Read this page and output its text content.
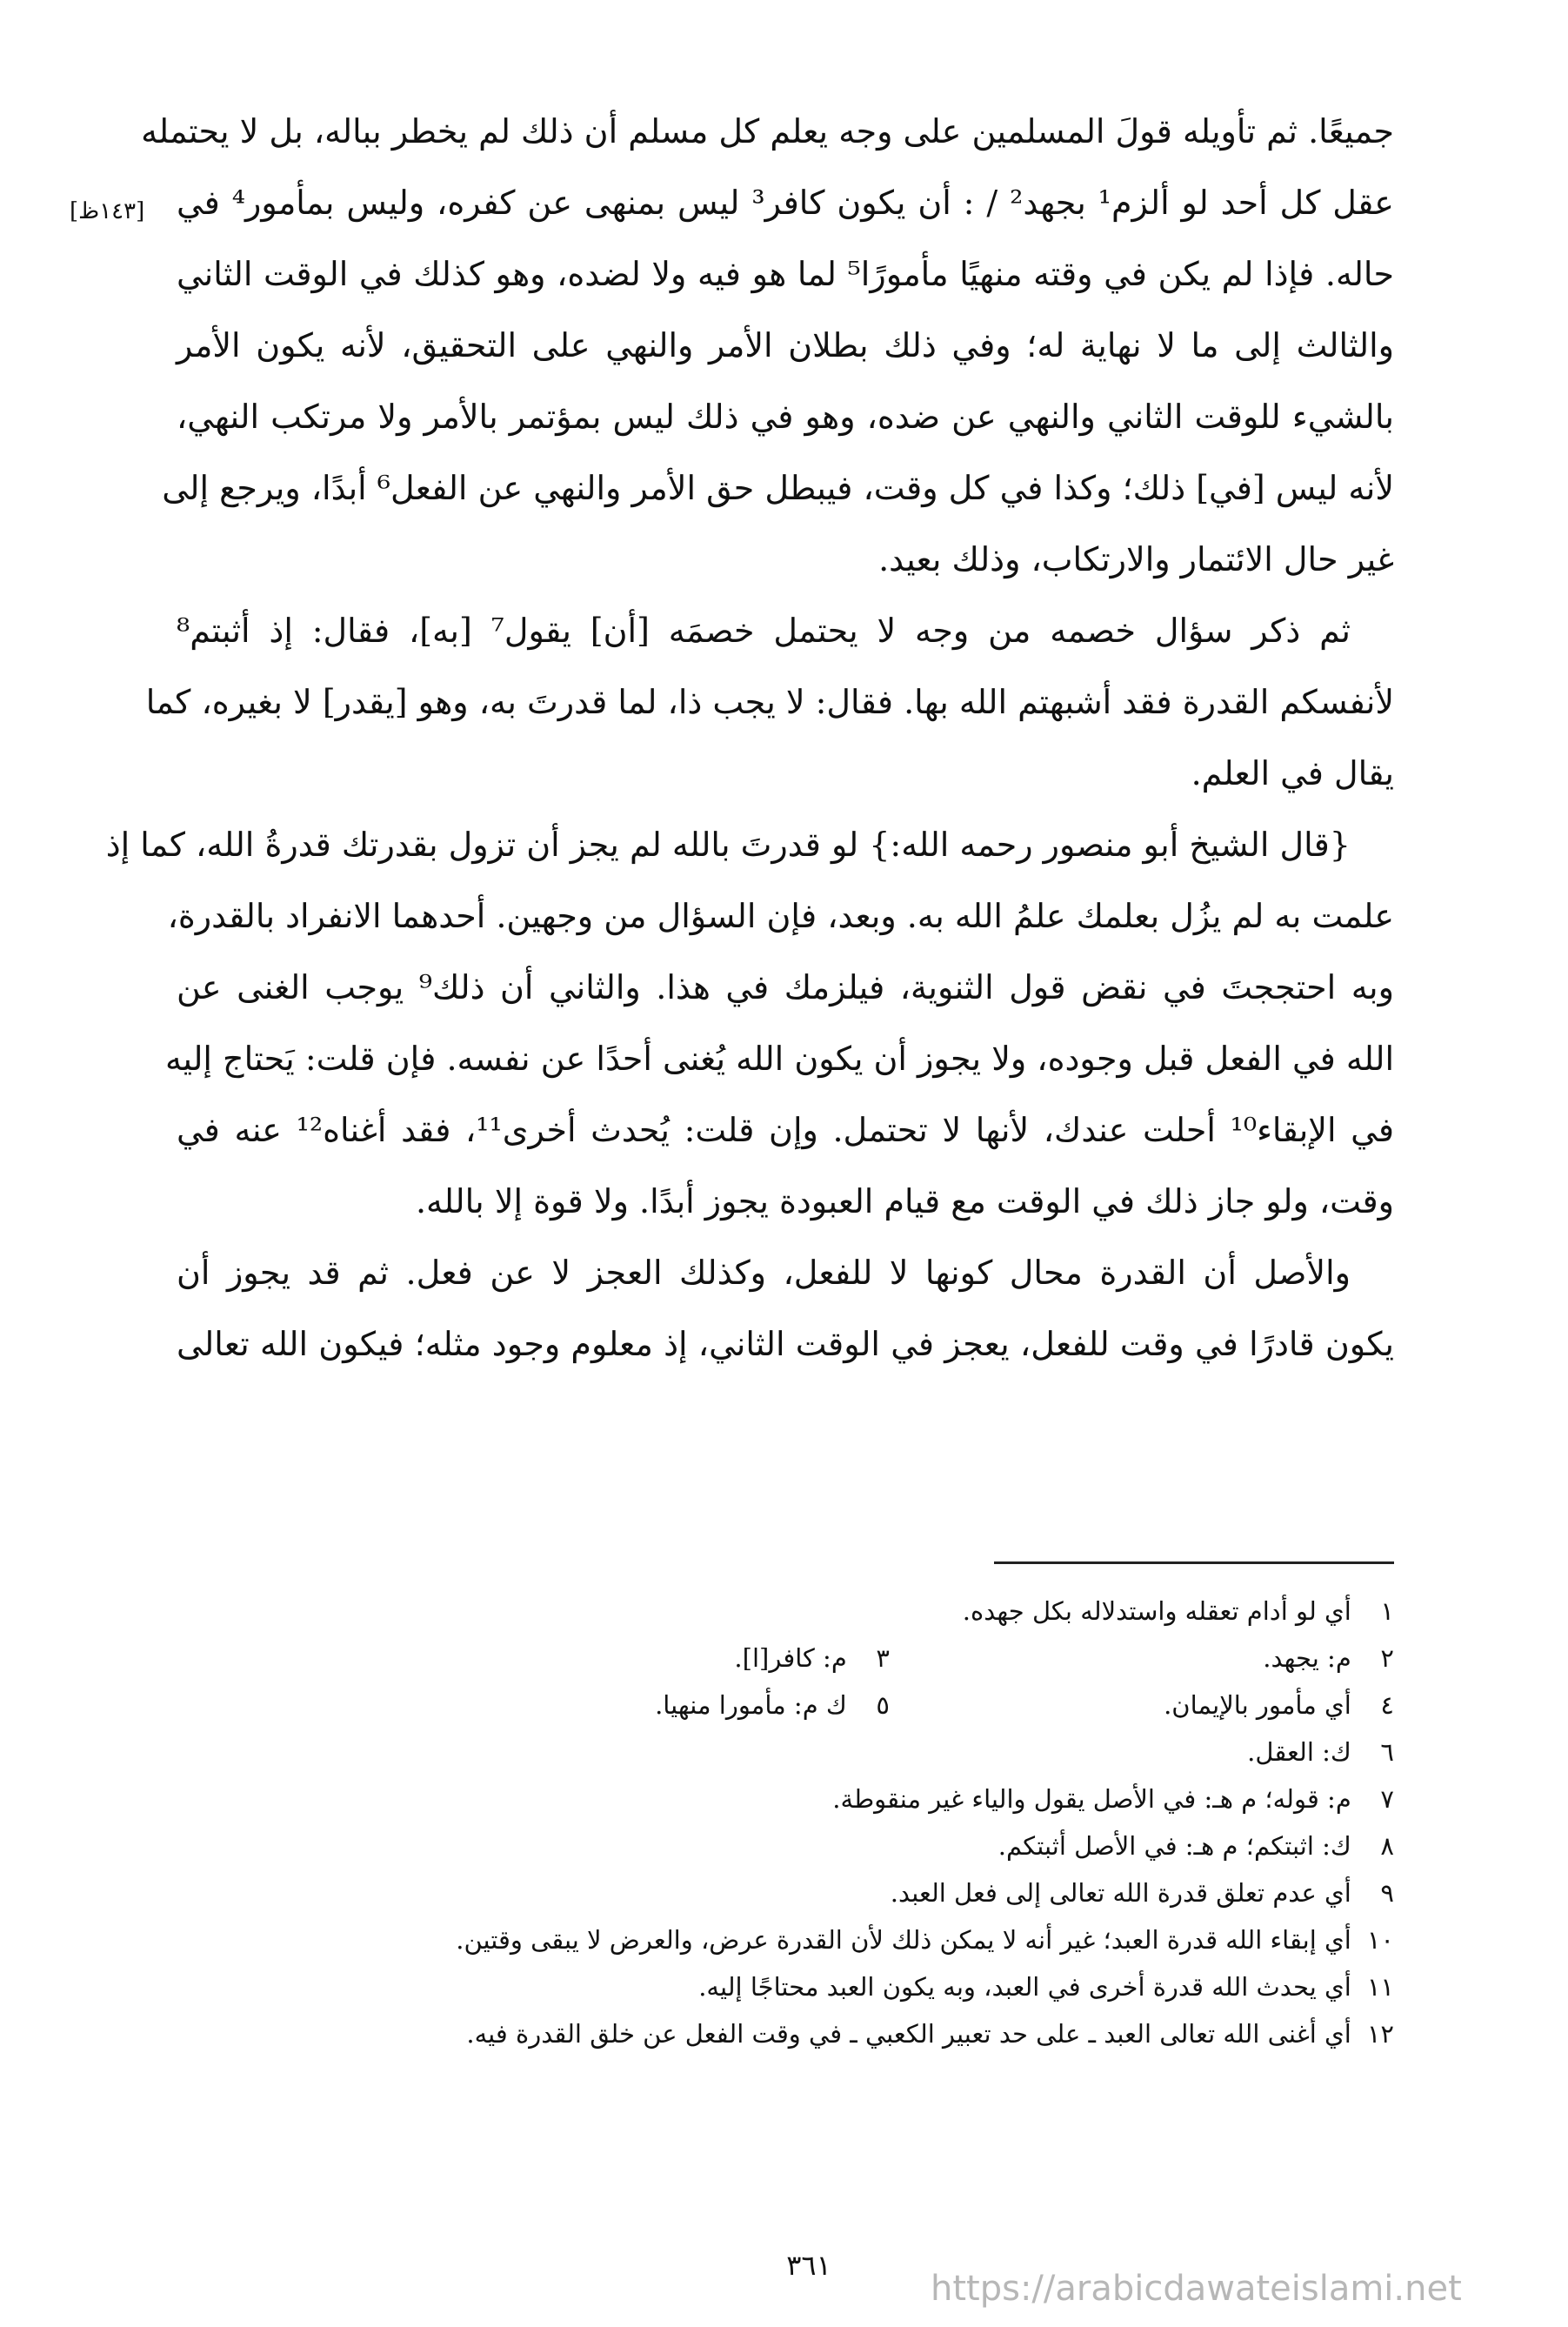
جميعًا. ثم تأويله قولَ المسلمين على وجه يعلم كل مسلم أن ذلك لم يخطر بباله، بل لا يحتمله
عقل كل أحد لو ألزم¹ بجهد² / : أن يكون كافر³ ليس بمنهى عن كفره، وليس بمأمور⁴ في
حاله. فإذا لم يكن في وقته منهيًا مأمورًا⁵ لما هو فيه ولا لضده، وهو كذلك في الوقت الثاني
والثالث إلى ما لا نهاية له؛ وفي ذلك بطلان الأمر والنهي على التحقيق، لأنه يكون الأمر
بالشيء للوقت الثاني والنهي عن ضده، وهو في ذلك ليس بمؤتمر بالأمر ولا مرتكب النهي،
لأنه ليس [في] ذلك؛ وكذا في كل وقت، فيبطل حق الأمر والنهي عن الفعل⁶ أبدًا، ويرجع إلى
غير حال الائتمار والارتكاب، وذلك بعيد.
ثم ذكر سؤال خصمه من وجه لا يحتمل خصمَه [أن] يقول⁷ [به]، فقال: إذ أثبتم⁸
لأنفسكم القدرة فقد أشبهتم الله بها. فقال: لا يجب ذا، لما قدرتَ به، وهو [يقدر] لا بغيره، كما
يقال في العلم.
{قال الشيخ أبو منصور رحمه الله:} لو قدرتَ بالله لم يجز أن تزول بقدرتك قدرةُ الله، كما إذ
علمت به لم يزُل بعلمك علمُ الله به. وبعد، فإن السؤال من وجهين. أحدهما الانفراد بالقدرة،
وبه احتججتَ في نقض قول الثنوية، فيلزمك في هذا. والثاني أن ذلك⁹ يوجب الغنى عن
الله في الفعل قبل وجوده، ولا يجوز أن يكون الله يُغنى أحدًا عن نفسه. فإن قلت: يَحتاج إليه
في الإبقاء¹⁰ أحلت عندك، لأنها لا تحتمل. وإن قلت: يُحدث أخرى¹¹، فقد أغناه¹² عنه في
وقت، ولو جاز ذلك في الوقت مع قيام العبودة يجوز أبدًا. ولا قوة إلا بالله.
والأصل أن القدرة محال كونها لا للفعل، وكذلك العجز لا عن فعل. ثم قد يجوز أن
يكون قادرًا في وقت للفعل، يعجز في الوقت الثاني، إذ معلوم وجود مثله؛ فيكون الله تعالى
[١٤٣ظ]
١ أي لو أدام تعقله واستدلاله بكل جهده.
٢ م: يجهد.
٣ م: كافر[ا].
٤ أي مأمور بالإيمان.
٥ ك م: مأمورا منهيا.
٦ ك: العقل.
٧ م: قوله؛ م هـ: في الأصل يقول والياء غير منقوطة.
٨ ك: اثبتكم؛ م هـ: في الأصل أثبتكم.
٩ أي عدم تعلق قدرة الله تعالى إلى فعل العبد.
١٠ أي إبقاء الله قدرة العبد؛ غير أنه لا يمكن ذلك لأن القدرة عرض، والعرض لا يبقى وقتين.
١١ أي يحدث الله قدرة أخرى في العبد، وبه يكون العبد محتاجًا إليه.
١٢ أي أغنى الله تعالى العبد ـ على حد تعبير الكعبي ـ في وقت الفعل عن خلق القدرة فيه.
٣٦١
https://arabicdawateislami.net
